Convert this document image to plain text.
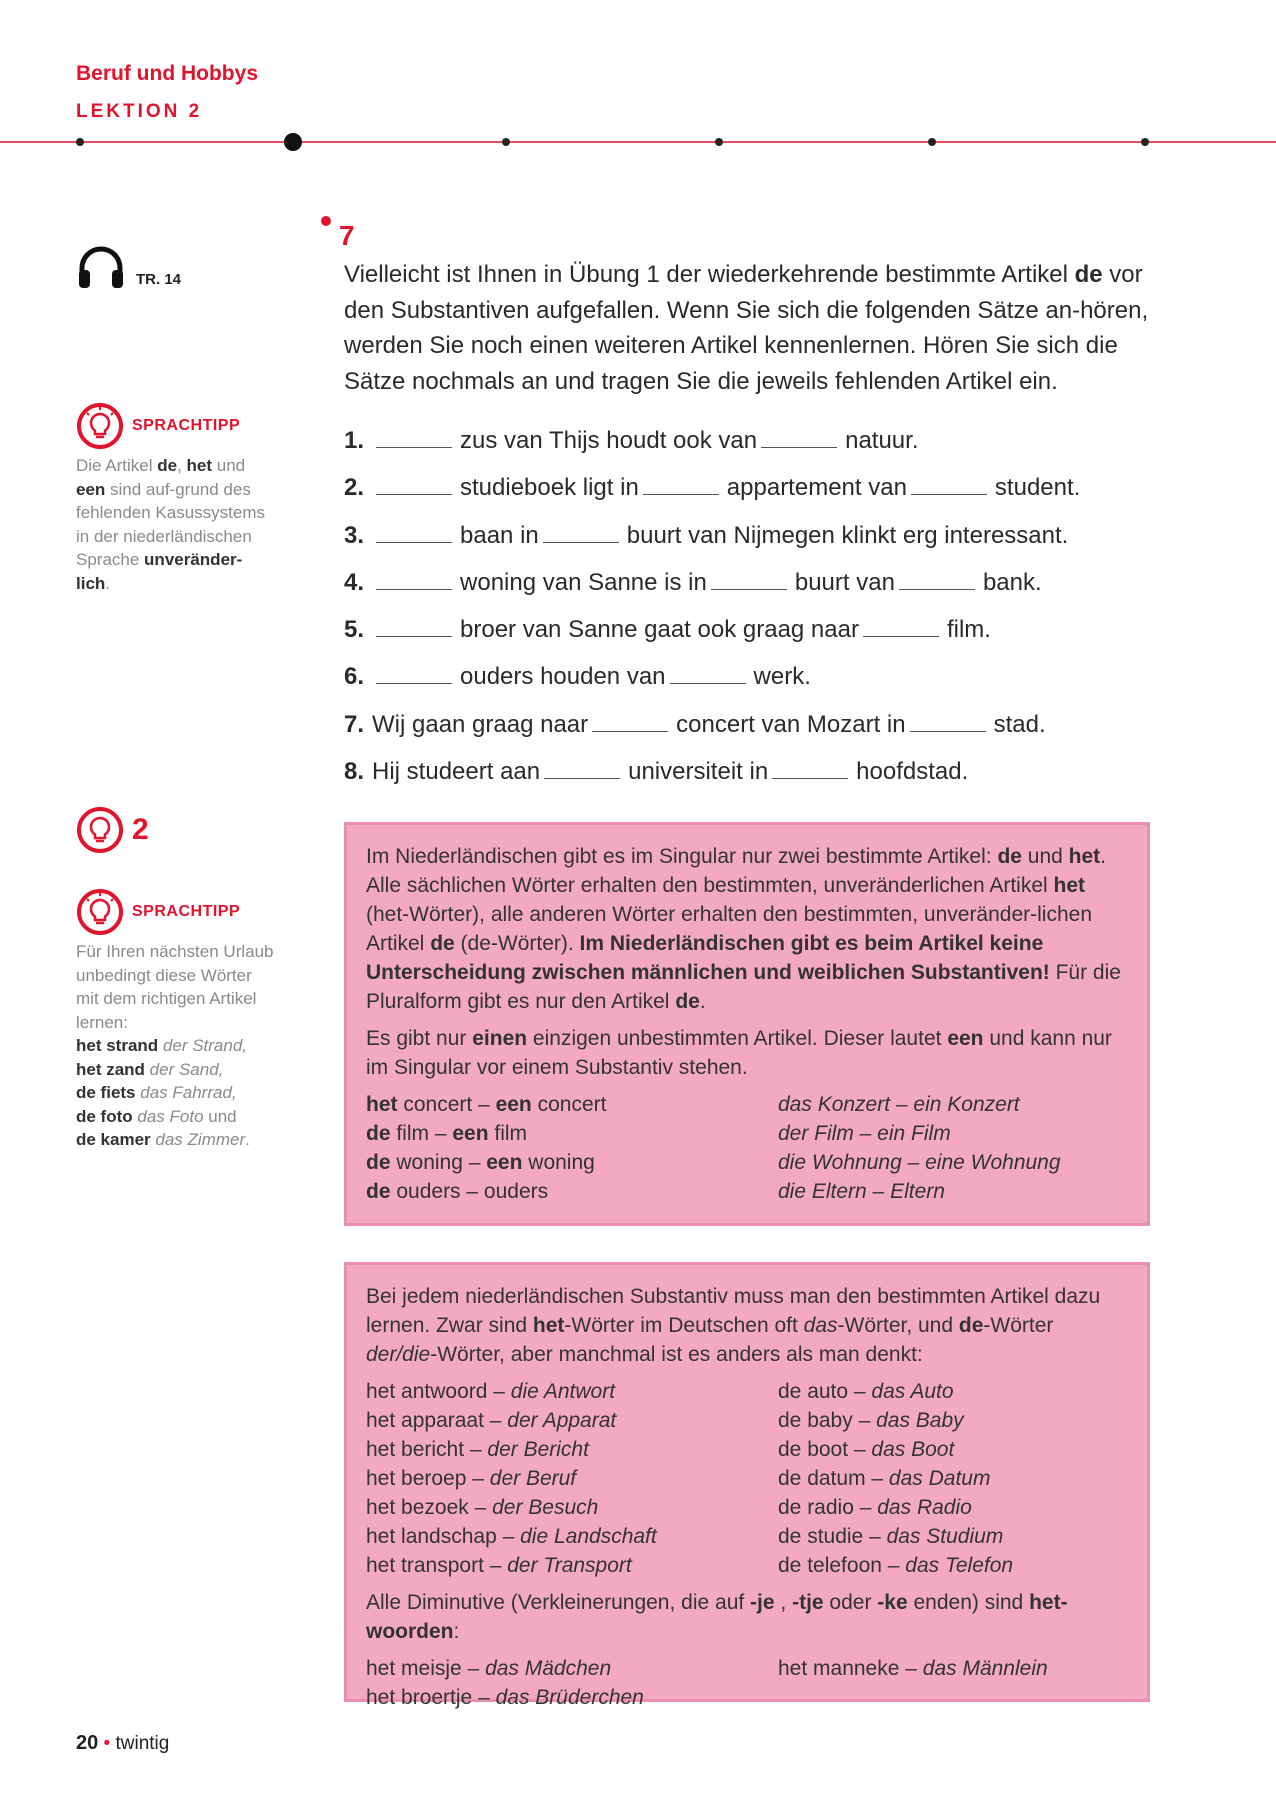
Beruf und Hobbys
LEKTION 2
TR. 14
SPRACHTIPP
Die Artikel de, het und een sind auf-grund des fehlenden Kasussystems in der niederländischen Sprache unveränder-lich.
2
SPRACHTIPP
Für Ihren nächsten Urlaub unbedingt diese Wörter mit dem richtigen Artikel lernen:
het strand der Strand,
het zand der Sand,
de fiets das Fahrrad,
de foto das Foto und
de kamer das Zimmer.
7
Vielleicht ist Ihnen in Übung 1 der wiederkehrende bestimmte Artikel de vor den Substantiven aufgefallen. Wenn Sie sich die folgenden Sätze an-hören, werden Sie noch einen weiteren Artikel kennenlernen. Hören Sie sich die Sätze nochmals an und tragen Sie die jeweils fehlenden Artikel ein.
1.	zus van Thijs houdt ook van	natuur.
2.	studieboek ligt in	appartement van	student.
3.	baan in	buurt van Nijmegen klinkt erg interessant.
4.	woning van Sanne is in	buurt van	bank.
5.	broer van Sanne gaat ook graag naar	film.
6.	ouders houden van	werk.
7. Wij gaan graag naar	concert van Mozart in	stad.
8. Hij studeert aan	universiteit in	hoofdstad.

Im Niederländischen gibt es im Singular nur zwei bestimmte Artikel: de und het. Alle sächlichen Wörter erhalten den bestimmten, unveränderlichen Artikel het (het-Wörter), alle anderen Wörter erhalten den bestimmten, unveränder-lichen Artikel de (de-Wörter). Im Niederländischen gibt es beim Artikel keine Unterscheidung zwischen männlichen und weiblichen Substantiven! Für die Pluralform gibt es nur den Artikel de.

Es gibt nur einen einzigen unbestimmten Artikel. Dieser lautet een und kann nur im Singular vor einem Substantiv stehen.

het concert – een concert	das Konzert – ein Konzert
de film – een film	der Film – ein Film
de woning – een woning	die Wohnung – eine Wohnung
de ouders – ouders	die Eltern – Eltern

Bei jedem niederländischen Substantiv muss man den bestimmten Artikel dazu lernen. Zwar sind het-Wörter im Deutschen oft das-Wörter, und de-Wörter der/die-Wörter, aber manchmal ist es anders als man denkt:

het antwoord – die Antwort	de auto – das Auto
het apparaat – der Apparat	de baby – das Baby
het bericht – der Bericht	de boot – das Boot
het beroep – der Beruf	de datum – das Datum
het bezoek – der Besuch	de radio – das Radio
het landschap – die Landschaft	de studie – das Studium
het transport – der Transport	de telefoon – das Telefon

Alle Diminutive (Verkleinerungen, die auf -je , -tje oder -ke enden) sind het-woorden:

het meisje – das Mädchen	het manneke – das Männlein
het broertje – das Brüderchen
20 • twintig
